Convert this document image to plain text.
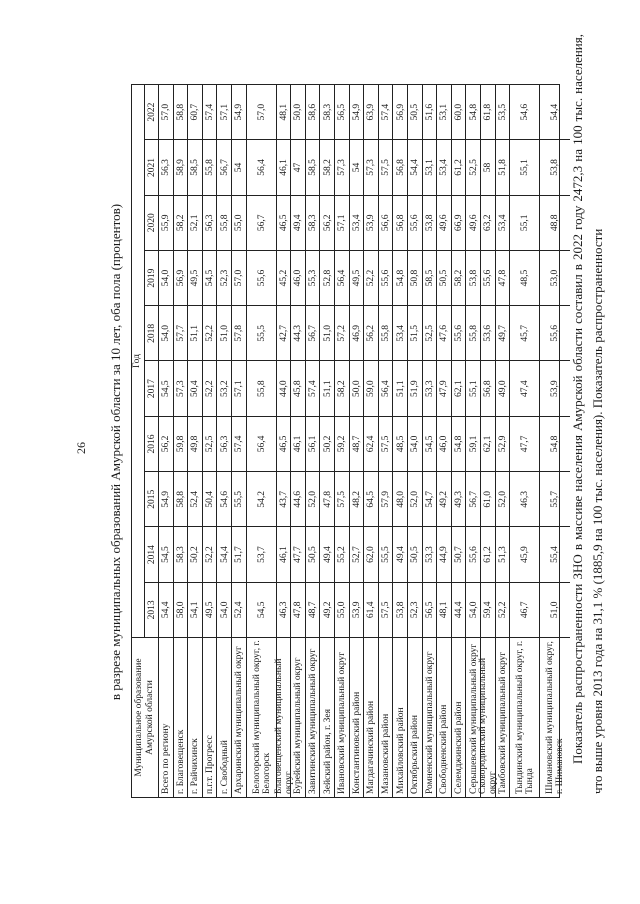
26 в разрезе муниципальных образований Амурской области за 10 лет, оба пола (процентов)
Муниципальное образование Амурской области
Год
2013
2014
2015
2016
2017
2018
2019
2020
2021
2022
Всего по региону
54,4
54,5
54,9
56,2
54,5
54,0
54,0
55,9
56,3
57,0
г. Благовещенск
58,0
58,3
58,8
59,8
57,3
57,7
56,9
58,2
58,9
58,8
г. Райчихинск
54,1
50,2
52,4
49,8
50,4
51,1
49,5
52,1
58,5
60,7
п.г.т. Прогресс
49,5
52,2
50,4
52,5
52,2
52,2
54,5
56,3
55,8
57,4
г. Свободный
54,0
54,4
54,6
56,3
53,2
51,0
52,3
55,8
56,7
57,1
Архаринский муниципальный округ
52,4
51,7
55,5
57,4
57,1
57,8
57,0
55,0
54
54,9
Белогорский муниципальный округ, г. Белогорск
54,5
53,7
54,2
56,4
55,8
55,5
55,6
56,7
56,4
57,0
Благовещенский муниципальный округ
46,3
46,1
43,7
46,5
44,0
42,7
45,2
46,5
46,1
48,1
Бурейский муниципальный округ
47,8
47,7
44,6
46,1
45,8
44,3
46,0
49,4
47
50,0
Завитинский муниципальный округ
48,7
50,5
52,0
56,1
57,4
56,7
55,3
58,3
58,5
58,6
Зейский район, г. Зея
49,2
49,4
47,8
50,2
51,1
51,0
52,8
56,2
58,2
58,3
Ивановский муниципальный округ
55,0
55,2
57,5
59,2
58,2
57,2
56,4
57,1
57,3
56,5
Константиновский район
53,9
52,7
48,2
48,7
50,0
46,9
49,5
53,4
54
54,9
Магдагачинский район
61,4
62,0
64,5
62,4
59,0
56,2
52,2
53,9
57,3
63,9
Мазановский район
57,5
55,5
57,9
57,5
56,4
55,8
55,6
56,6
57,5
57,4
Михайловский район
53,8
49,4
48,0
48,5
51,1
53,4
54,8
56,8
56,8
56,9
Октябрьский район
52,3
50,5
52,0
54,0
51,9
51,5
50,8
55,6
54,4
50,5
Ромненский муниципальный округ
56,5
53,3
54,7
54,5
53,3
52,5
58,5
53,8
53,1
51,6
Свободненский район
48,1
44,9
49,2
46,0
47,9
47,6
50,5
49,6
53,4
53,1
Селемджинский район
44,4
50,7
49,3
54,8
62,1
55,6
58,2
66,9
61,2
60,0
Серышевский муниципальный округ
54,0
55,6
56,7
59,1
55,1
55,8
53,8
49,6
52,5
54,8
Сковородинский муниципальный округ
59,4
61,2
61,0
62,1
56,8
53,6
55,6
63,2
58
61,8
Тамбовский муниципальный округ
52,2
51,3
52,0
52,9
49,0
49,7
47,8
53,4
51,8
53,5
Тындинский муниципальный округ, г. Тында
46,7
45,9
46,3
47,7
47,4
45,7
48,5
55,1
55,1
54,6
Шимановский муниципальный округ, г. Шимановск
51,0
55,4
55,7
54,8
53,9
55,6
53,0
48,8
53,8
54,4 Показатель распространенности ЗНО в массиве населения Амурской области составил в 2022 году 2472,3 на 100 тыс. населения, что выше уровня 2013 года на 31,1 % (1885,9 на 100 тыс. населения). Показатель распространенности
